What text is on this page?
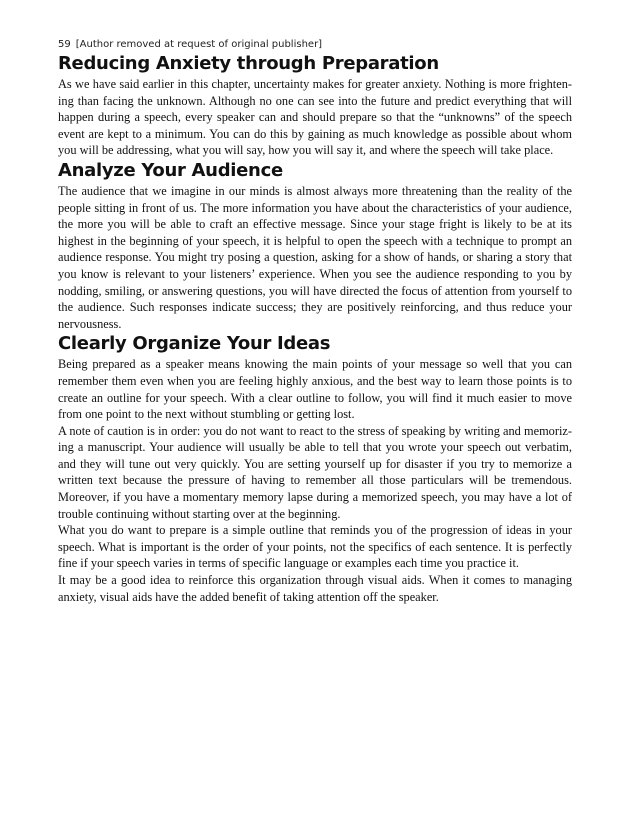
59 [Author removed at request of original publisher]
Reducing Anxiety through Preparation

As we have said earlier in this chapter, uncertainty makes for greater anxiety. Nothing is more frightening than facing the unknown. Although no one can see into the future and predict everything that will happen during a speech, every speaker can and should prepare so that the “unknowns” of the speech event are kept to a minimum. You can do this by gaining as much knowledge as possible about whom you will be addressing, what you will say, how you will say it, and where the speech will take place.

Analyze Your Audience

The audience that we imagine in our minds is almost always more threatening than the reality of the people sitting in front of us. The more information you have about the characteristics of your audience, the more you will be able to craft an effective message. Since your stage fright is likely to be at its highest in the beginning of your speech, it is helpful to open the speech with a technique to prompt an audience response. You might try posing a question, asking for a show of hands, or sharing a story that you know is relevant to your listeners’ experience. When you see the audience responding to you by nodding, smiling, or answering questions, you will have directed the focus of attention from yourself to the audience. Such responses indicate success; they are positively reinforcing, and thus reduce your nervousness.

Clearly Organize Your Ideas

Being prepared as a speaker means knowing the main points of your message so well that you can remember them even when you are feeling highly anxious, and the best way to learn those points is to create an outline for your speech. With a clear outline to follow, you will find it much easier to move from one point to the next without stumbling or getting lost.

A note of caution is in order: you do not want to react to the stress of speaking by writing and memorizing a manuscript. Your audience will usually be able to tell that you wrote your speech out verbatim, and they will tune out very quickly. You are setting yourself up for disaster if you try to memorize a written text because the pressure of having to remember all those particulars will be tremendous. Moreover, if you have a momentary memory lapse during a memorized speech, you may have a lot of trouble continuing without starting over at the beginning.

What you do want to prepare is a simple outline that reminds you of the progression of ideas in your speech. What is important is the order of your points, not the specifics of each sentence. It is perfectly fine if your speech varies in terms of specific language or examples each time you practice it.

It may be a good idea to reinforce this organization through visual aids. When it comes to managing anxiety, visual aids have the added benefit of taking attention off the speaker.
